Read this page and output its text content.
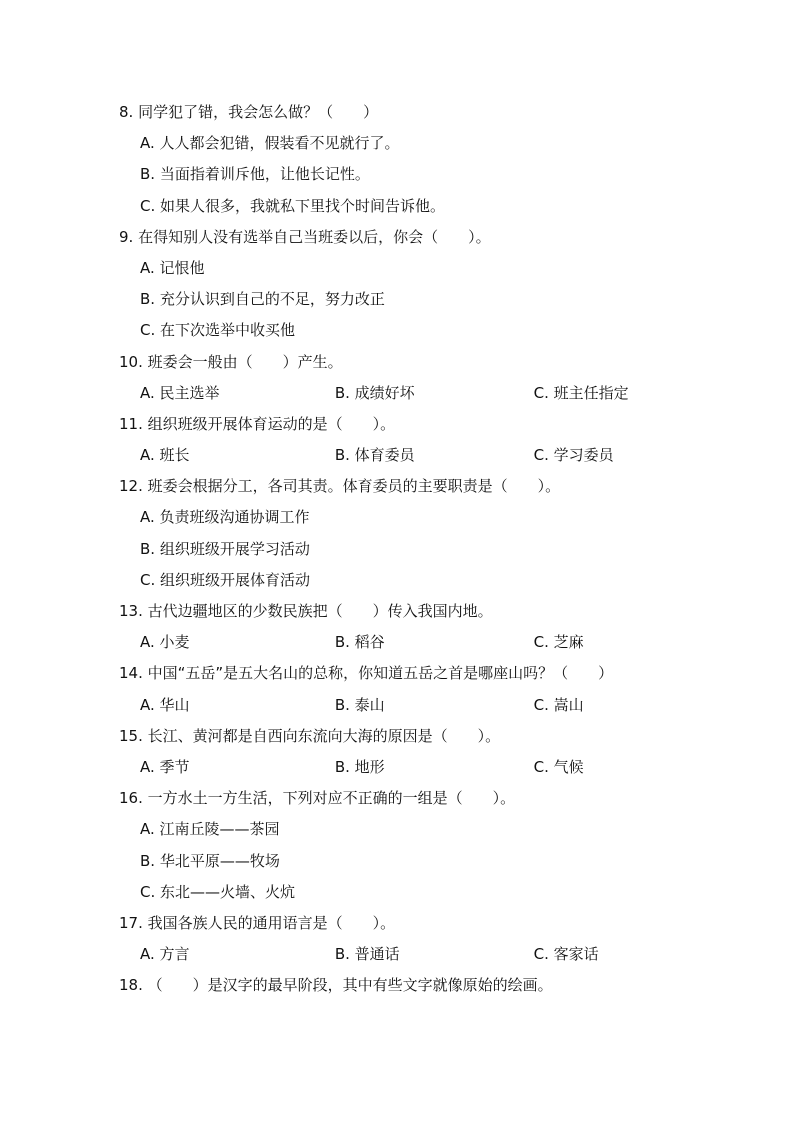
8. 同学犯了错，我会怎么做？（　　）
A. 人人都会犯错，假装看不见就行了。
B. 当面指着训斥他，让他长记性。
C. 如果人很多，我就私下里找个时间告诉他。
9. 在得知别人没有选举自己当班委以后，你会（　　）。
A. 记恨他
B. 充分认识到自己的不足，努力改正
C. 在下次选举中收买他
10. 班委会一般由（　　）产生。
A. 民主选举	B. 成绩好坏	C. 班主任指定
11. 组织班级开展体育运动的是（　　）。
A. 班长	B. 体育委员	C. 学习委员
12. 班委会根据分工，各司其责。体育委员的主要职责是（　　）。
A. 负责班级沟通协调工作
B. 组织班级开展学习活动
C. 组织班级开展体育活动
13. 古代边疆地区的少数民族把（　　）传入我国内地。
A. 小麦	B. 稻谷	C. 芝麻
14. 中国“五岳”是五大名山的总称，你知道五岳之首是哪座山吗？（　　）
A. 华山	B. 泰山	C. 嵩山
15. 长江、黄河都是自西向东流向大海的原因是（　　）。
A. 季节	B. 地形	C. 气候
16. 一方水土一方生活，下列对应不正确的一组是（　　）。
A. 江南丘陵——茶园
B. 华北平原——牧场
C. 东北——火墙、火炕
17. 我国各族人民的通用语言是（　　）。
A. 方言	B. 普通话	C. 客家话
18. （　　）是汉字的最早阶段，其中有些文字就像原始的绘画。
